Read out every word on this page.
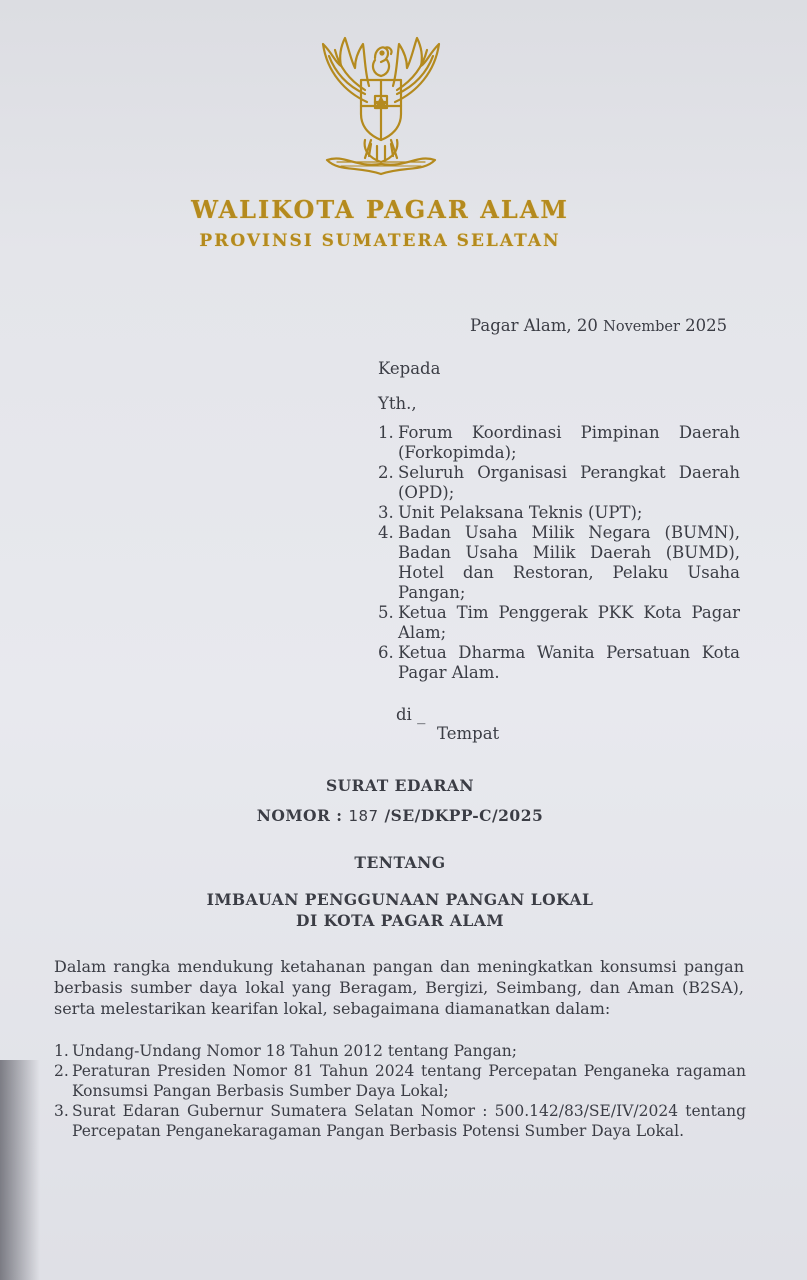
WALIKOTA PAGAR ALAM
PROVINSI SUMATERA SELATAN
Pagar Alam, 20 November 2025
Kepada
Yth.,
1. Forum Koordinasi Pimpinan Daerah (Forkopimda);
2. Seluruh Organisasi Perangkat Daerah (OPD);
3. Unit Pelaksana Teknis (UPT);
4. Badan Usaha Milik Negara (BUMN), Badan Usaha Milik Daerah (BUMD), Hotel dan Restoran, Pelaku Usaha Pangan;
5. Ketua Tim Penggerak PKK Kota Pagar Alam;
6. Ketua Dharma Wanita Persatuan Kota Pagar Alam.
di _
Tempat
SURAT EDARAN
NOMOR : 187 /SE/DKPP-C/2025
TENTANG
IMBAUAN PENGGUNAAN PANGAN LOKAL
DI KOTA PAGAR ALAM
Dalam rangka mendukung ketahanan pangan dan meningkatkan konsumsi pangan berbasis sumber daya lokal yang Beragam, Bergizi, Seimbang, dan Aman (B2SA), serta melestarikan kearifan lokal, sebagaimana diamanatkan dalam:
1. Undang-Undang Nomor 18 Tahun 2012 tentang Pangan;
2. Peraturan Presiden Nomor 81 Tahun 2024 tentang Percepatan Penganeka ragaman Konsumsi Pangan Berbasis Sumber Daya Lokal;
3. Surat Edaran Gubernur Sumatera Selatan Nomor : 500.142/83/SE/IV/2024 tentang Percepatan Penganekaragaman Pangan Berbasis Potensi Sumber Daya Lokal.
